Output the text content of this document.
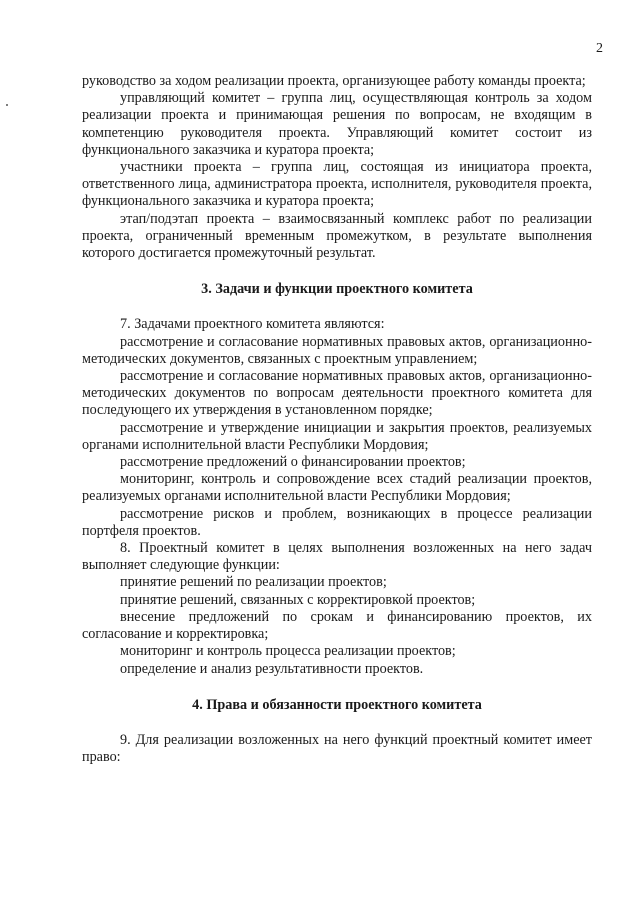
2

руководство за ходом реализации проекта, организующее работу команды проекта;

управляющий комитет – группа лиц, осуществляющая контроль за ходом реализации проекта и принимающая решения по вопросам, не входящим в компетенцию руководителя проекта. Управляющий комитет состоит из функционального заказчика и куратора проекта;

участники проекта – группа лиц, состоящая из инициатора проекта, ответственного лица, администратора проекта, исполнителя, руководителя проекта, функционального заказчика и куратора проекта;

этап/подэтап проекта – взаимосвязанный комплекс работ по реализации проекта, ограниченный временным промежутком, в результате выполнения которого достигается промежуточный результат.

3. Задачи и функции проектного комитета

7. Задачами проектного комитета являются:

рассмотрение и согласование нормативных правовых актов, организационно-методических документов, связанных с проектным управлением;

рассмотрение и согласование нормативных правовых актов, организационно-методических документов по вопросам деятельности проектного комитета для последующего их утверждения в установленном порядке;

рассмотрение и утверждение инициации и закрытия проектов, реализуемых органами исполнительной власти Республики Мордовия;

рассмотрение предложений о финансировании проектов;

мониторинг, контроль и сопровождение всех стадий реализации проектов, реализуемых органами исполнительной власти Республики Мордовия;

рассмотрение рисков и проблем, возникающих в процессе реализации портфеля проектов.

8. Проектный комитет в целях выполнения возложенных на него задач выполняет следующие функции:

принятие решений по реализации проектов;

принятие решений, связанных с корректировкой проектов;

внесение предложений по срокам и финансированию проектов, их согласование и корректировка;

мониторинг и контроль процесса реализации проектов;

определение и анализ результативности проектов.

4. Права и обязанности проектного комитета

9. Для реализации возложенных на него функций проектный комитет имеет право:
